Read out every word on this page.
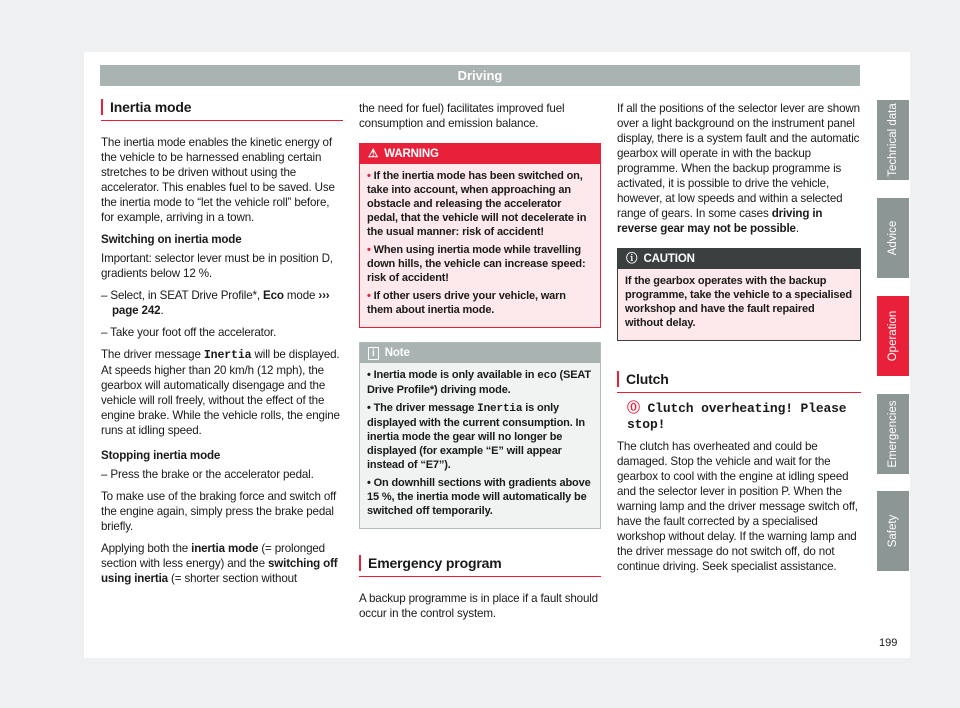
Driving
Inertia mode

The inertia mode enables the kinetic energy of the vehicle to be harnessed enabling certain stretches to be driven without using the accelerator. This enables fuel to be saved. Use the inertia mode to “let the vehicle roll” before, for example, arriving in a town.

Switching on inertia mode

Important: selector lever must be in position D, gradients below 12 %.

– Select, in SEAT Drive Profile*, Eco mode ››› page 242.

– Take your foot off the accelerator.

The driver message Inertia will be displayed. At speeds higher than 20 km/h (12 mph), the gearbox will automatically disengage and the vehicle will roll freely, without the effect of the engine brake. While the vehicle rolls, the engine runs at idling speed.

Stopping inertia mode

– Press the brake or the accelerator pedal.

To make use of the braking force and switch off the engine again, simply press the brake pedal briefly.

Applying both the inertia mode (= prolonged section with less energy) and the switching off using inertia (= shorter section without

the need for fuel) facilitates improved fuel consumption and emission balance.

⚠ WARNING

• If the inertia mode has been switched on, take into account, when approaching an obstacle and releasing the accelerator pedal, that the vehicle will not decelerate in the usual manner: risk of accident!

• When using inertia mode while travelling down hills, the vehicle can increase speed: risk of accident!

• If other users drive your vehicle, warn them about inertia mode.

i Note

• Inertia mode is only available in eco (SEAT Drive Profile*) driving mode.

• The driver message Inertia is only displayed with the current consumption. In inertia mode the gear will no longer be displayed (for example “E” will appear instead of “E7”).

• On downhill sections with gradients above 15 %, the inertia mode will automatically be switched off temporarily.

Emergency program

A backup programme is in place if a fault should occur in the control system.

If all the positions of the selector lever are shown over a light background on the instrument panel display, there is a system fault and the automatic gearbox will operate in with the backup programme. When the backup programme is activated, it is possible to drive the vehicle, however, at low speeds and within a selected range of gears. In some cases driving in reverse gear may not be possible.

ⓘ CAUTION

If the gearbox operates with the backup programme, take the vehicle to a specialised workshop and have the fault repaired without delay.

Clutch
⓪ Clutch overheating! Please stop!

The clutch has overheated and could be damaged. Stop the vehicle and wait for the gearbox to cool with the engine at idling speed and the selector lever in position P. When the warning lamp and the driver message switch off, have the fault corrected by a specialised workshop without delay. If the warning lamp and the driver message do not switch off, do not continue driving. Seek specialist assistance.

Technical data
Advice
Operation
Emergencies
Safety
199
